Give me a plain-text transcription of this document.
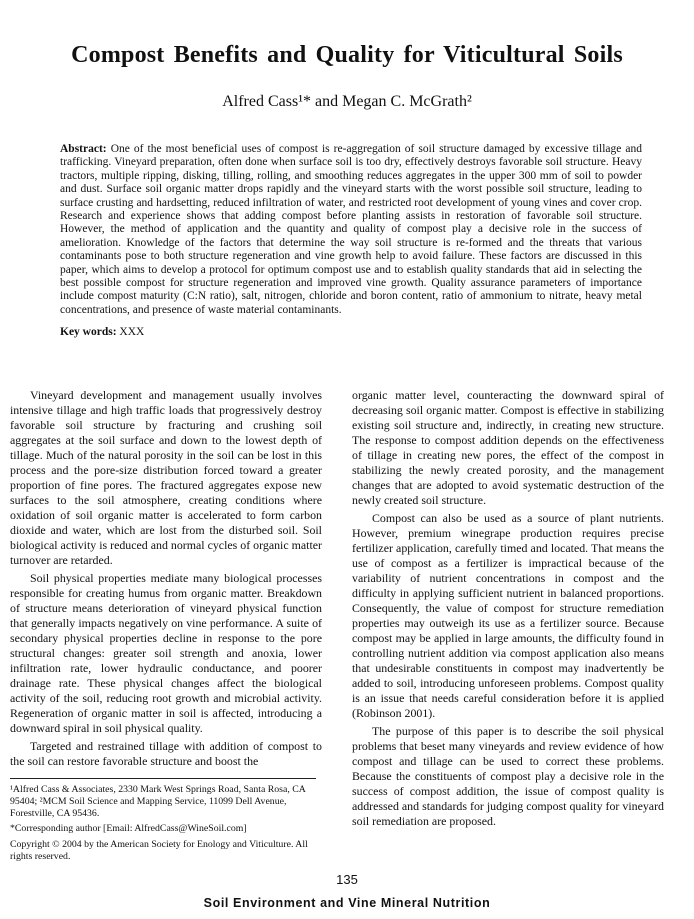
Compost Benefits and Quality for Viticultural Soils
Alfred Cass¹* and Megan C. McGrath²
Abstract: One of the most beneficial uses of compost is re-aggregation of soil structure damaged by excessive tillage and trafficking. Vineyard preparation, often done when surface soil is too dry, effectively destroys favorable soil structure. Heavy tractors, multiple ripping, disking, tilling, rolling, and smoothing reduces aggregates in the upper 300 mm of soil to powder and dust. Surface soil organic matter drops rapidly and the vineyard starts with the worst possible soil structure, leading to surface crusting and hardsetting, reduced infiltration of water, and restricted root development of young vines and cover crop. Research and experience shows that adding compost before planting assists in restoration of favorable soil structure. However, the method of application and the quantity and quality of compost play a decisive role in the success of amelioration. Knowledge of the factors that determine the way soil structure is re-formed and the threats that various contaminants pose to both structure regeneration and vine growth help to avoid failure. These factors are discussed in this paper, which aims to develop a protocol for optimum compost use and to establish quality standards that aid in selecting the best possible compost for structure regeneration and improved vine growth. Quality assurance parameters of importance include compost maturity (C:N ratio), salt, nitrogen, chloride and boron content, ratio of ammonium to nitrate, heavy metal concentrations, and presence of waste material contaminants.
Key words: XXX

Vineyard development and management usually involves intensive tillage and high traffic loads that progressively destroy favorable soil structure by fracturing and crushing soil aggregates at the soil surface and down to the lowest depth of tillage. Much of the natural porosity in the soil can be lost in this process and the pore-size distribution forced toward a greater proportion of fine pores. The fractured aggregates expose new surfaces to the soil atmosphere, creating conditions where oxidation of soil organic matter is accelerated to form carbon dioxide and water, which are lost from the disturbed soil. Soil biological activity is reduced and normal cycles of organic matter turnover are retarded.

Soil physical properties mediate many biological processes responsible for creating humus from organic matter. Breakdown of structure means deterioration of vineyard physical function that generally impacts negatively on vine performance. A suite of secondary physical properties decline in response to the pore structural changes: greater soil strength and anoxia, lower infiltration rate, lower hydraulic conductance, and poorer drainage rate. These physical changes affect the biological activity of the soil, reducing root growth and microbial activity. Regeneration of organic matter in soil is affected, introducing a downward spiral in soil physical quality.

Targeted and restrained tillage with addition of compost to the soil can restore favorable structure and boost the

¹Alfred Cass & Associates, 2330 Mark West Springs Road, Santa Rosa, CA 95404; ²MCM Soil Science and Mapping Service, 11099 Dell Avenue, Forestville, CA 95436.

*Corresponding author [Email: AlfredCass@WineSoil.com]

Copyright © 2004 by the American Society for Enology and Viticulture. All rights reserved.

organic matter level, counteracting the downward spiral of decreasing soil organic matter. Compost is effective in stabilizing existing soil structure and, indirectly, in creating new structure. The response to compost addition depends on the effectiveness of tillage in creating new pores, the effect of the compost in stabilizing the newly created porosity, and the management changes that are adopted to avoid systematic destruction of the newly created soil structure.

Compost can also be used as a source of plant nutrients. However, premium winegrape production requires precise fertilizer application, carefully timed and located. That means the use of compost as a fertilizer is impractical because of the variability of nutrient concentrations in compost and the difficulty in applying sufficient nutrient in balanced proportions. Consequently, the value of compost for structure remediation properties may outweigh its use as a fertilizer source. Because compost may be applied in large amounts, the difficulty found in controlling nutrient addition via compost application also means that undesirable constituents in compost may inadvertently be added to soil, introducing unforeseen problems. Compost quality is an issue that needs careful consideration before it is applied (Robinson 2001).

The purpose of this paper is to describe the soil physical problems that beset many vineyards and review evidence of how compost and tillage can be used to correct these problems. Because the constituents of compost play a decisive role in the success of compost addition, the issue of compost quality is addressed and standards for judging compost quality for vineyard soil remediation are proposed.

135
Soil Environment and Vine Mineral Nutrition
